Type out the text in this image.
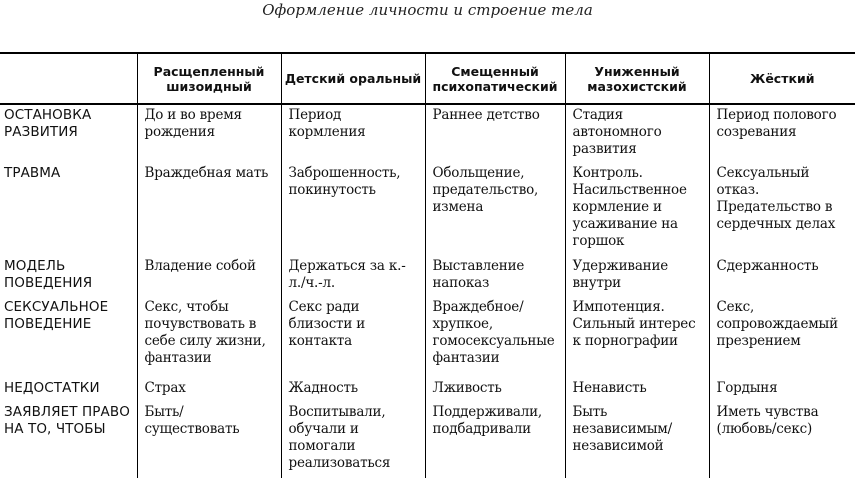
Оформление личности и строение тела
	Расщепленный шизоидный	Детский оральный	Смещенный психопатический	Униженный мазохистский	Жёсткий
ОСТАНОВКА РАЗВИТИЯ	До и во время рождения	Период кормления	Раннее детство	Стадия автономного развития	Период полового созревания
ТРАВМА	Враждебная мать	Заброшенность, покинутость	Обольщение, предательство, измена	Контроль. Насильственное кормление и усаживание на горшок	Сексуальный отказ. Предательство в сердечных делах
МОДЕЛЬ ПОВЕДЕНИЯ	Владение собой	Держаться за к.-л./ч.-л.	Выставление напоказ	Удерживание внутри	Сдержанность
СЕКСУАЛЬНОЕ ПОВЕДЕНИЕ	Секс, чтобы почувствовать в себе силу жизни, фантазии	Секс ради близости и контакта	Враждебное/ хрупкое, гомосексуальные фантазии	Импотенция. Сильный интерес к порнографии	Секс, сопровождаемый презрением
НЕДОСТАТКИ	Страх	Жадность	Лживость	Ненависть	Гордыня
ЗАЯВЛЯЕТ ПРАВО НА ТО, ЧТОБЫ	Быть/ существовать	Воспитывали, обучали и помогали реализоваться	Поддерживали, подбадривали	Быть независимым/ независимой	Иметь чувства (любовь/секс)
